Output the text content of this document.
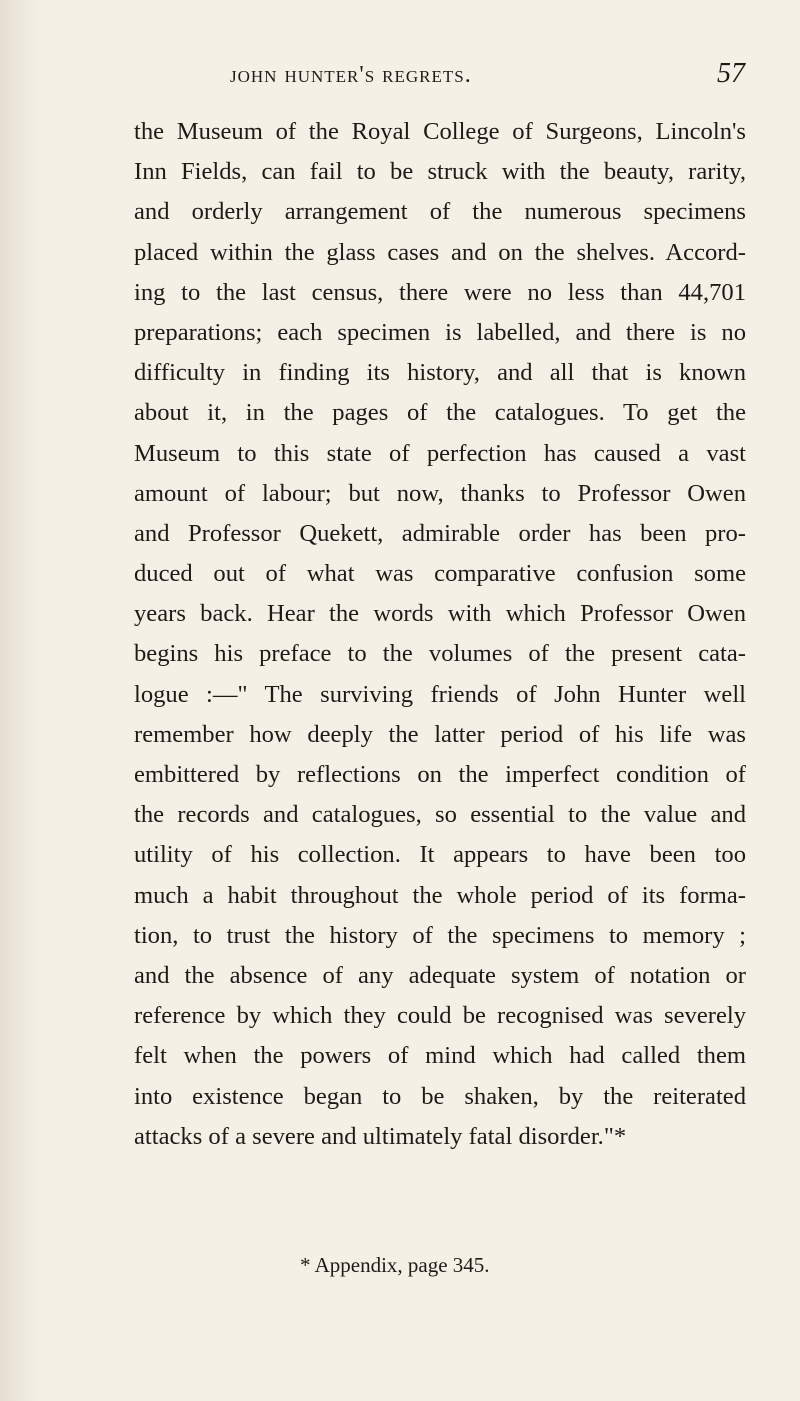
john hunter's regrets.	57
the Museum of the Royal College of Surgeons, Lincoln's
Inn Fields, can fail to be struck with the beauty, rarity,
and orderly arrangement of the numerous specimens
placed within the glass cases and on the shelves. Accord-
ing to the last census, there were no less than 44,701
preparations; each specimen is labelled, and there is no
difficulty in finding its history, and all that is known
about it, in the pages of the catalogues. To get the
Museum to this state of perfection has caused a vast
amount of labour; but now, thanks to Professor Owen
and Professor Quekett, admirable order has been pro-
duced out of what was comparative confusion some
years back. Hear the words with which Professor Owen
begins his preface to the volumes of the present cata-
logue :—" The surviving friends of John Hunter well
remember how deeply the latter period of his life was
embittered by reflections on the imperfect condition of
the records and catalogues, so essential to the value and
utility of his collection. It appears to have been too
much a habit throughout the whole period of its forma-
tion, to trust the history of the specimens to memory ;
and the absence of any adequate system of notation or
reference by which they could be recognised was severely
felt when the powers of mind which had called them
into existence began to be shaken, by the reiterated
attacks of a severe and ultimately fatal disorder."*
* Appendix, page 345.
